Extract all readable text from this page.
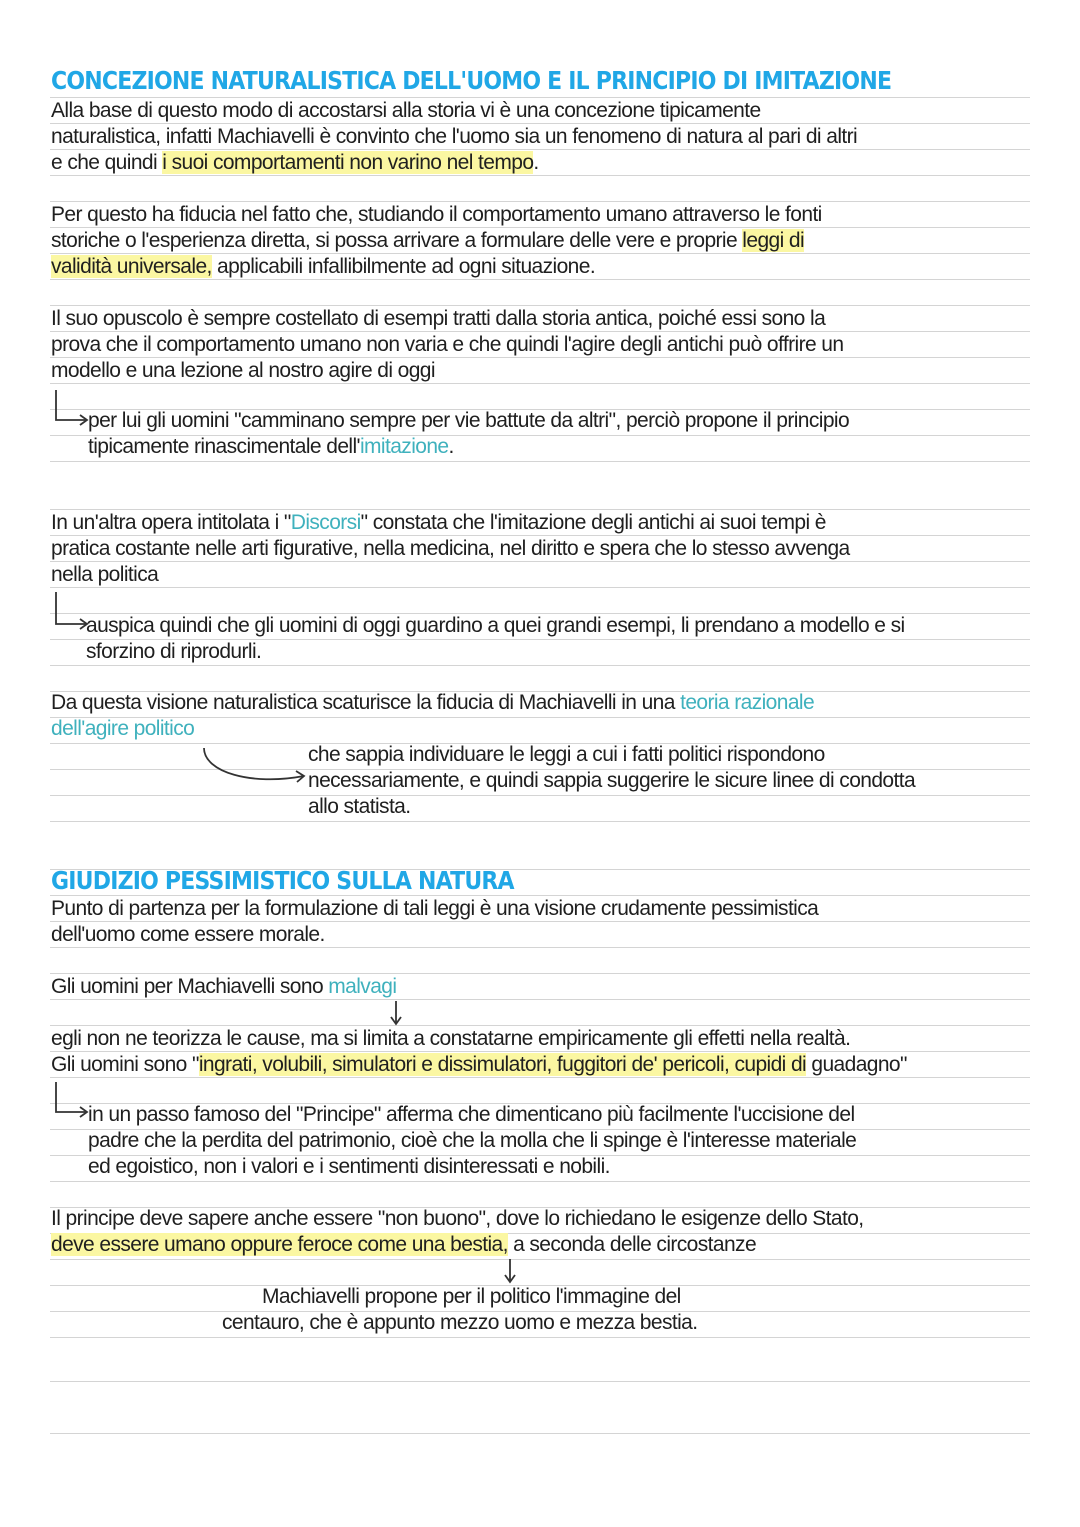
CONCEZIONE NATURALISTICA DELL'UOMO E IL PRINCIPIO DI IMITAZIONE
Alla base di questo modo di accostarsi alla storia vi è una concezione tipicamente
naturalistica, infatti Machiavelli è convinto che l'uomo sia un fenomeno di natura al pari di altri
e che quindi i suoi comportamenti non varino nel tempo.
Per questo ha fiducia nel fatto che, studiando il comportamento umano attraverso le fonti
storiche o l'esperienza diretta, si possa arrivare a formulare delle vere e proprie leggi di
validità universale, applicabili infallibilmente ad ogni situazione.
Il suo opuscolo è sempre costellato di esempi tratti dalla storia antica, poiché essi sono la
prova che il comportamento umano non varia e che quindi l'agire degli antichi può offrire un
modello e una lezione al nostro agire di oggi
per lui gli uomini "camminano sempre per vie battute da altri", perciò propone il principio
tipicamente rinascimentale dell'imitazione.
In un'altra opera intitolata i "Discorsi" constata che l'imitazione degli antichi ai suoi tempi è
pratica costante nelle arti figurative, nella medicina, nel diritto e spera che lo stesso avvenga
nella politica
auspica quindi che gli uomini di oggi guardino a quei grandi esempi, li prendano a modello e si
sforzino di riprodurli.
Da questa visione naturalistica scaturisce la fiducia di Machiavelli in una teoria razionale
dell'agire politico
che sappia individuare le leggi a cui i fatti politici rispondono
necessariamente, e quindi sappia suggerire le sicure linee di condotta
allo statista.
GIUDIZIO PESSIMISTICO SULLA NATURA
Punto di partenza per la formulazione di tali leggi è una visione crudamente pessimistica
dell'uomo come essere morale.
Gli uomini per Machiavelli sono malvagi
egli non ne teorizza le cause, ma si limita a constatarne empiricamente gli effetti nella realtà.
Gli uomini sono "ingrati, volubili, simulatori e dissimulatori, fuggitori de' pericoli, cupidi di guadagno"
in un passo famoso del "Principe" afferma che dimenticano più facilmente l'uccisione del
padre che la perdita del patrimonio, cioè che la molla che li spinge è l'interesse materiale
ed egoistico, non i valori e i sentimenti disinteressati e nobili.
Il principe deve sapere anche essere "non buono", dove lo richiedano le esigenze dello Stato,
deve essere umano oppure feroce come una bestia, a seconda delle circostanze
Machiavelli propone per il politico l'immagine del
centauro, che è appunto mezzo uomo e mezza bestia.
